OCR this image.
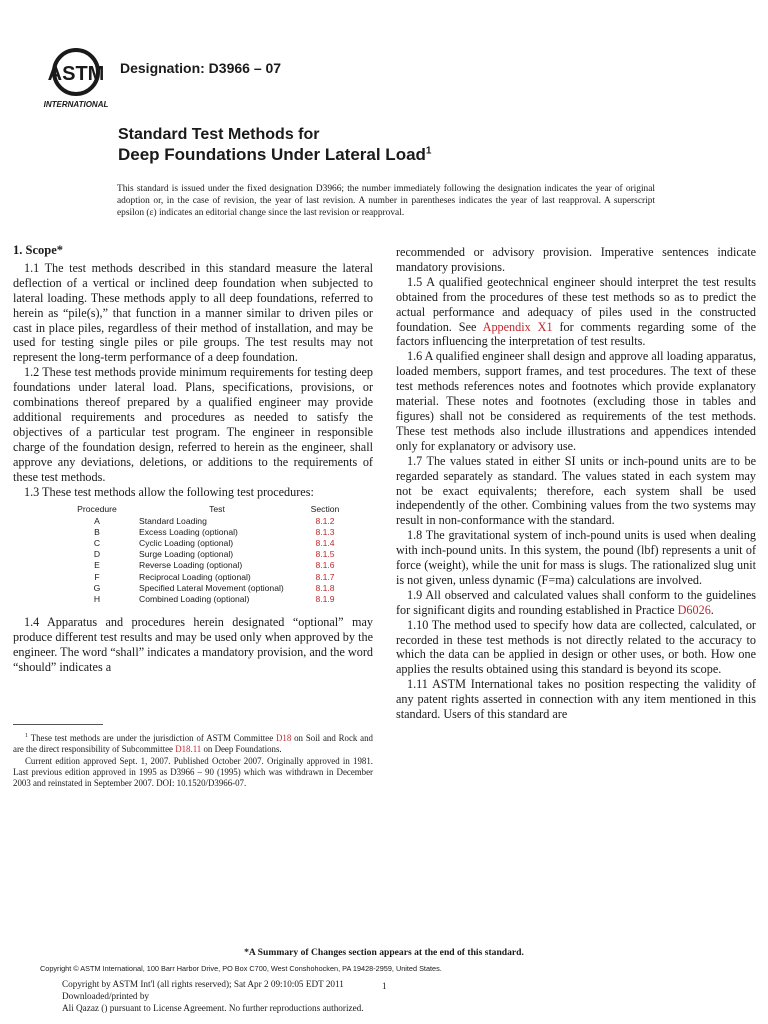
ASTM
INTERNATIONAL
Designation: D3966 – 07
Standard Test Methods for
Deep Foundations Under Lateral Load$^1$
This standard is issued under the fixed designation D3966; the number immediately following the designation indicates the year of original adoption or, in the case of revision, the year of last revision. A number in parentheses indicates the year of last reapproval. A superscript epsilon (ε) indicates an editorial change since the last revision or reapproval.
1. Scope*

1.1 The test methods described in this standard measure the lateral deflection of a vertical or inclined deep foundation when subjected to lateral loading. These methods apply to all deep foundations, referred to herein as “pile(s),” that function in a manner similar to driven piles or cast in place piles, regardless of their method of installation, and may be used for testing single piles or pile groups. The test results may not represent the long-term performance of a deep foundation.

1.2 These test methods provide minimum requirements for testing deep foundations under lateral load. Plans, specifications, provisions, or combinations thereof prepared by a qualified engineer may provide additional requirements and procedures as needed to satisfy the objectives of a particular test program. The engineer in responsible charge of the foundation design, referred to herein as the engineer, shall approve any deviations, deletions, or additions to the requirements of these test methods.

1.3 These test methods allow the following test procedures:

Procedure	Test	Section
A	Standard Loading	8.1.2
B	Excess Loading (optional)	8.1.3
C	Cyclic Loading (optional)	8.1.4
D	Surge Loading (optional)	8.1.5
E	Reverse Loading (optional)	8.1.6
F	Reciprocal Loading (optional)	8.1.7
G	Specified Lateral Movement (optional)	8.1.8
H	Combined Loading (optional)	8.1.9

1.4 Apparatus and procedures herein designated “optional” may produce different test results and may be used only when approved by the engineer. The word “shall” indicates a mandatory provision, and the word “should” indicates a

$^1$ These test methods are under the jurisdiction of ASTM Committee D18 on Soil and Rock and are the direct responsibility of Subcommittee D18.11 on Deep Foundations.

Current edition approved Sept. 1, 2007. Published October 2007. Originally approved in 1981. Last previous edition approved in 1995 as D3966 – 90 (1995) which was withdrawn in December 2003 and reinstated in September 2007. DOI: 10.1520/D3966-07.

recommended or advisory provision. Imperative sentences indicate mandatory provisions.

1.5 A qualified geotechnical engineer should interpret the test results obtained from the procedures of these test methods so as to predict the actual performance and adequacy of piles used in the constructed foundation. See Appendix X1 for comments regarding some of the factors influencing the interpretation of test results.

1.6 A qualified engineer shall design and approve all loading apparatus, loaded members, support frames, and test procedures. The text of these test methods references notes and footnotes which provide explanatory material. These notes and footnotes (excluding those in tables and figures) shall not be considered as requirements of the test methods. These test methods also include illustrations and appendices intended only for explanatory or advisory use.

1.7 The values stated in either SI units or inch-pound units are to be regarded separately as standard. The values stated in each system may not be exact equivalents; therefore, each system shall be used independently of the other. Combining values from the two systems may result in non-conformance with the standard.

1.8 The gravitational system of inch-pound units is used when dealing with inch-pound units. In this system, the pound (lbf) represents a unit of force (weight), while the unit for mass is slugs. The rationalized slug unit is not given, unless dynamic (F=ma) calculations are involved.

1.9 All observed and calculated values shall conform to the guidelines for significant digits and rounding established in Practice D6026.

1.10 The method used to specify how data are collected, calculated, or recorded in these test methods is not directly related to the accuracy to which the data can be applied in design or other uses, or both. How one applies the results obtained using this standard is beyond its scope.

1.11 ASTM International takes no position respecting the validity of any patent rights asserted in connection with any item mentioned in this standard. Users of this standard are

*A Summary of Changes section appears at the end of this standard.
Copyright © ASTM International, 100 Barr Harbor Drive, PO Box C700, West Conshohocken, PA 19428-2959, United States.
Copyright by ASTM Int'l (all rights reserved); Sat Apr 2 09:10:05 EDT 2011
Downloaded/printed by
Ali Qazaz () pursuant to License Agreement. No further reproductions authorized.
1
